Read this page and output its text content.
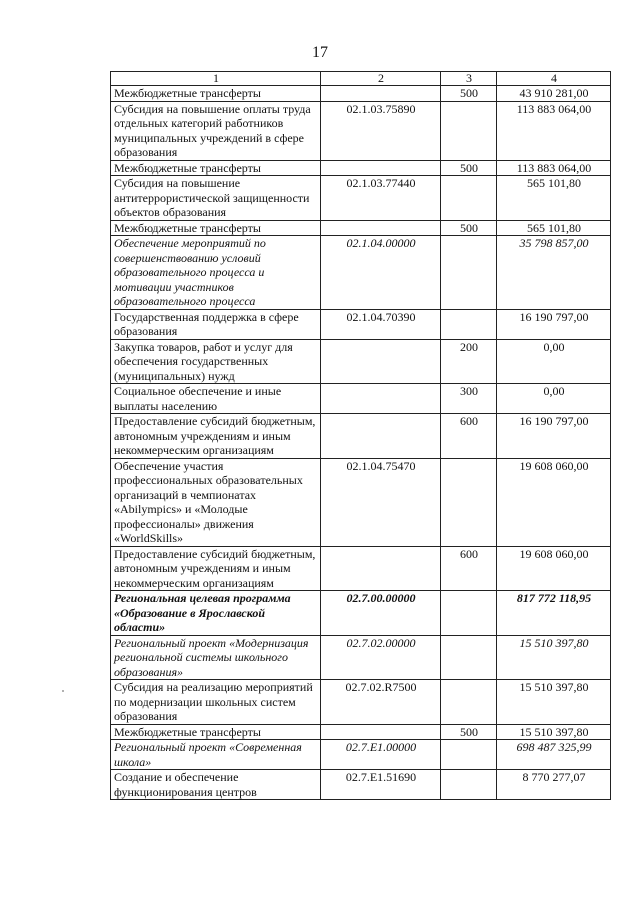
17
1	2	3	4
Межбюджетные трансферты		500	43 910 281,00
Субсидия на повышение оплаты труда отдельных категорий работников муниципальных учреждений в сфере образования	02.1.03.75890		113 883 064,00
Межбюджетные трансферты		500	113 883 064,00
Субсидия на повышение антитеррористической защищенности объектов образования	02.1.03.77440		565 101,80
Межбюджетные трансферты		500	565 101,80
Обеспечение мероприятий по совершенствованию условий образовательного процесса и мотивации участников образовательного процесса	02.1.04.00000		35 798 857,00
Государственная поддержка в сфере образования	02.1.04.70390		16 190 797,00
Закупка товаров, работ и услуг для обеспечения государственных (муниципальных) нужд		200	0,00
Социальное обеспечение и иные выплаты населению		300	0,00
Предоставление субсидий бюджетным, автономным учреждениям и иным некоммерческим организациям		600	16 190 797,00
Обеспечение участия профессиональных образовательных организаций в чемпионатах «Abilympics» и «Молодые профессионалы» движения «WorldSkills»	02.1.04.75470		19 608 060,00
Предоставление субсидий бюджетным, автономным учреждениям и иным некоммерческим организациям		600	19 608 060,00
Региональная целевая программа «Образование в Ярославской области»	02.7.00.00000		817 772 118,95
Региональный проект «Модернизация региональной системы школьного образования»	02.7.02.00000		15 510 397,80
Субсидия на реализацию мероприятий по модернизации школьных систем образования	02.7.02.R7500		15 510 397,80
Межбюджетные трансферты		500	15 510 397,80
Региональный проект «Современная школа»	02.7.E1.00000		698 487 325,99
Создание и обеспечение функционирования центров	02.7.E1.51690		8 770 277,07
